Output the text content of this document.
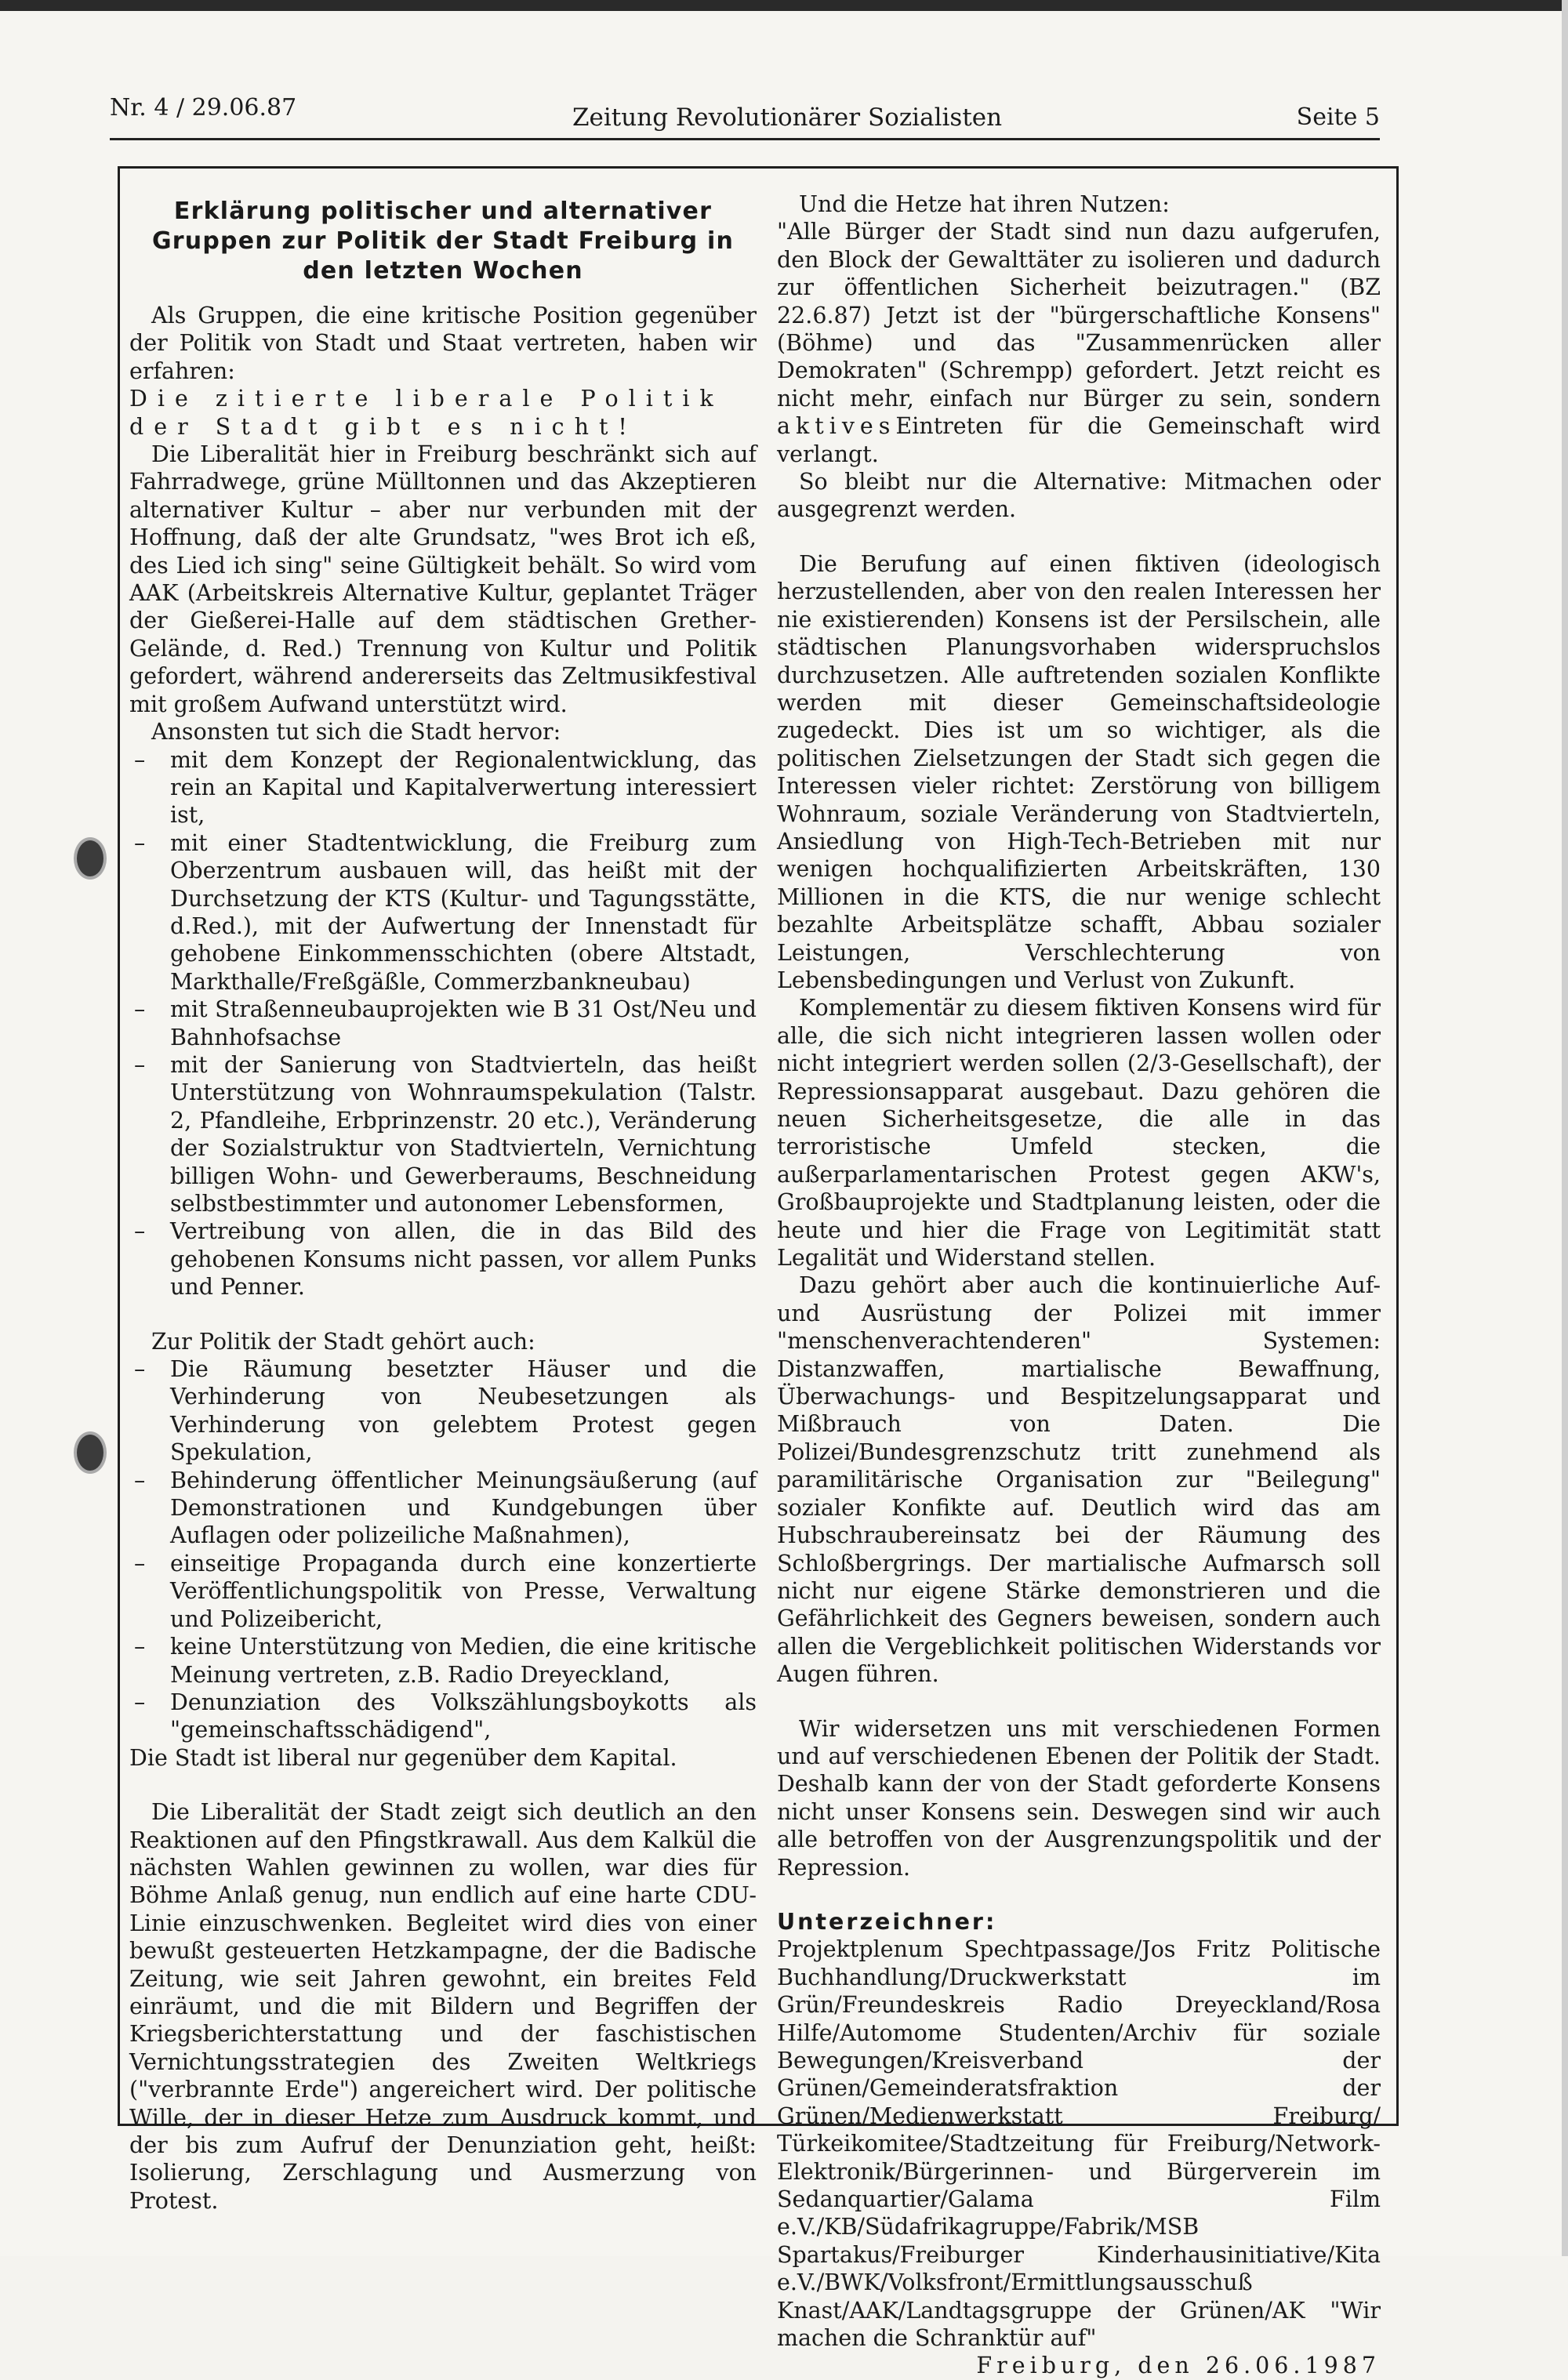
Nr. 4 / 29.06.87	Zeitung Revolutionärer Sozialisten	Seite 5
Erklärung politischer und alternativer Gruppen zur Politik der Stadt Freiburg in den letzten Wochen

Als Gruppen, die eine kritische Position gegenüber der Politik von Stadt und Staat vertreten, haben wir erfahren:

Die zitierte liberale Politik der Stadt gibt es nicht!

Die Liberalität hier in Freiburg beschränkt sich auf Fahrradwege, grüne Mülltonnen und das Akzeptieren alternativer Kultur – aber nur verbunden mit der Hoffnung, daß der alte Grundsatz, "wes Brot ich eß, des Lied ich sing" seine Gültigkeit behält. So wird vom AAK (Arbeitskreis Alternative Kultur, geplantet Träger der Gießerei-Halle auf dem städtischen Grether-Gelände, d. Red.) Trennung von Kultur und Politik gefordert, während andererseits das Zeltmusikfestival mit großem Aufwand unterstützt wird.

Ansonsten tut sich die Stadt hervor:

– mit dem Konzept der Regionalentwicklung, das rein an Kapital und Kapitalverwertung interessiert ist,
– mit einer Stadtentwicklung, die Freiburg zum Oberzentrum ausbauen will, das heißt mit der Durchsetzung der KTS (Kultur- und Tagungsstätte, d.Red.), mit der Aufwertung der Innenstadt für gehobene Einkommensschichten (obere Altstadt, Markthalle/Freßgäßle, Commerzbankneubau)
– mit Straßenneubauprojekten wie B 31 Ost/Neu und Bahnhofsachse
– mit der Sanierung von Stadtvierteln, das heißt Unterstützung von Wohnraumspekulation (Talstr. 2, Pfandleihe, Erbprinzenstr. 20 etc.), Veränderung der Sozialstruktur von Stadtvierteln, Vernichtung billigen Wohn- und Gewerberaums, Beschneidung selbstbestimmter und autonomer Lebensformen,
– Vertreibung von allen, die in das Bild des gehobenen Konsums nicht passen, vor allem Punks und Penner.

Zur Politik der Stadt gehört auch:

– Die Räumung besetzter Häuser und die Verhinderung von Neubesetzungen als Verhinderung von gelebtem Protest gegen Spekulation,
– Behinderung öffentlicher Meinungsäußerung (auf Demonstrationen und Kundgebungen über Auflagen oder polizeiliche Maßnahmen),
– einseitige Propaganda durch eine konzertierte Veröffentlichungspolitik von Presse, Verwaltung und Polizeibericht,
– keine Unterstützung von Medien, die eine kritische Meinung vertreten, z.B. Radio Dreyeckland,
– Denunziation des Volkszählungsboykotts als "gemeinschaftsschädigend",

Die Stadt ist liberal nur gegenüber dem Kapital.

Die Liberalität der Stadt zeigt sich deutlich an den Reaktionen auf den Pfingstkrawall. Aus dem Kalkül die nächsten Wahlen gewinnen zu wollen, war dies für Böhme Anlaß genug, nun endlich auf eine harte CDU-Linie einzuschwenken. Begleitet wird dies von einer bewußt gesteuerten Hetzkampagne, der die Badische Zeitung, wie seit Jahren gewohnt, ein breites Feld einräumt, und die mit Bildern und Begriffen der Kriegsberichterstattung und der faschistischen Vernichtungsstrategien des Zweiten Weltkriegs ("verbrannte Erde") angereichert wird. Der politische Wille, der in dieser Hetze zum Ausdruck kommt, und der bis zum Aufruf der Denunziation geht, heißt: Isolierung, Zerschlagung und Ausmerzung von Protest.

Und die Hetze hat ihren Nutzen:

"Alle Bürger der Stadt sind nun dazu aufgerufen, den Block der Gewalttäter zu isolieren und dadurch zur öffentlichen Sicherheit beizutragen." (BZ 22.6.87) Jetzt ist der "bürgerschaftliche Konsens" (Böhme) und das "Zusammenrücken aller Demokraten" (Schrempp) gefordert. Jetzt reicht es nicht mehr, einfach nur Bürger zu sein, sondern aktivesEintreten für die Gemeinschaft wird verlangt.

So bleibt nur die Alternative: Mitmachen oder ausgegrenzt werden.

Die Berufung auf einen fiktiven (ideologisch herzustellenden, aber von den realen Interessen her nie existierenden) Konsens ist der Persilschein, alle städtischen Planungsvorhaben widerspruchslos durchzusetzen. Alle auftretenden sozialen Konflikte werden mit dieser Gemeinschaftsideologie zugedeckt. Dies ist um so wichtiger, als die politischen Zielsetzungen der Stadt sich gegen die Interessen vieler richtet: Zerstörung von billigem Wohnraum, soziale Veränderung von Stadtvierteln, Ansiedlung von High-Tech-Betrieben mit nur wenigen hochqualifizierten Arbeitskräften, 130 Millionen in die KTS, die nur wenige schlecht bezahlte Arbeitsplätze schafft, Abbau sozialer Leistungen, Verschlechterung von Lebensbedingungen und Verlust von Zukunft.

Komplementär zu diesem fiktiven Konsens wird für alle, die sich nicht integrieren lassen wollen oder nicht integriert werden sollen (2/3-Gesellschaft), der Repressionsapparat ausgebaut. Dazu gehören die neuen Sicherheitsgesetze, die alle in das terroristische Umfeld stecken, die außerparlamentarischen Protest gegen AKW's, Großbauprojekte und Stadtplanung leisten, oder die heute und hier die Frage von Legitimität statt Legalität und Widerstand stellen.

Dazu gehört aber auch die kontinuierliche Auf- und Ausrüstung der Polizei mit immer "menschenverachtenderen" Systemen: Distanzwaffen, martialische Bewaffnung, Überwachungs- und Bespitzelungsapparat und Mißbrauch von Daten. Die Polizei/Bundesgrenzschutz tritt zunehmend als paramilitärische Organisation zur "Beilegung" sozialer Konfikte auf. Deutlich wird das am Hubschraubereinsatz bei der Räumung des Schloßbergrings. Der martialische Aufmarsch soll nicht nur eigene Stärke demonstrieren und die Gefährlichkeit des Gegners beweisen, sondern auch allen die Vergeblichkeit politischen Widerstands vor Augen führen.

Wir widersetzen uns mit verschiedenen Formen und auf verschiedenen Ebenen der Politik der Stadt. Deshalb kann der von der Stadt geforderte Konsens nicht unser Konsens sein. Deswegen sind wir auch alle betroffen von der Ausgrenzungspolitik und der Repression.

Unterzeichner:

Projektplenum Spechtpassage/Jos Fritz Politische Buchhandlung/Druckwerkstatt im Grün/Freundeskreis Radio Dreyeckland/Rosa Hilfe/Automome Studenten/Archiv für soziale Bewegungen/Kreisverband der Grünen/Gemeinderatsfraktion der Grünen/Medienwerkstatt Freiburg/ Türkeikomitee/Stadtzeitung für Freiburg/Network-Elektronik/Bürgerinnen- und Bürgerverein im Sedanquartier/Galama Film e.V./KB/Südafrikagruppe/Fabrik/MSB Spartakus/Freiburger Kinderhausinitiative/Kita e.V./BWK/Volksfront/Ermittlungsausschuß Knast/AAK/Landtagsgruppe der Grünen/AK "Wir machen die Schranktür auf"

Freiburg, den 26.06.1987
